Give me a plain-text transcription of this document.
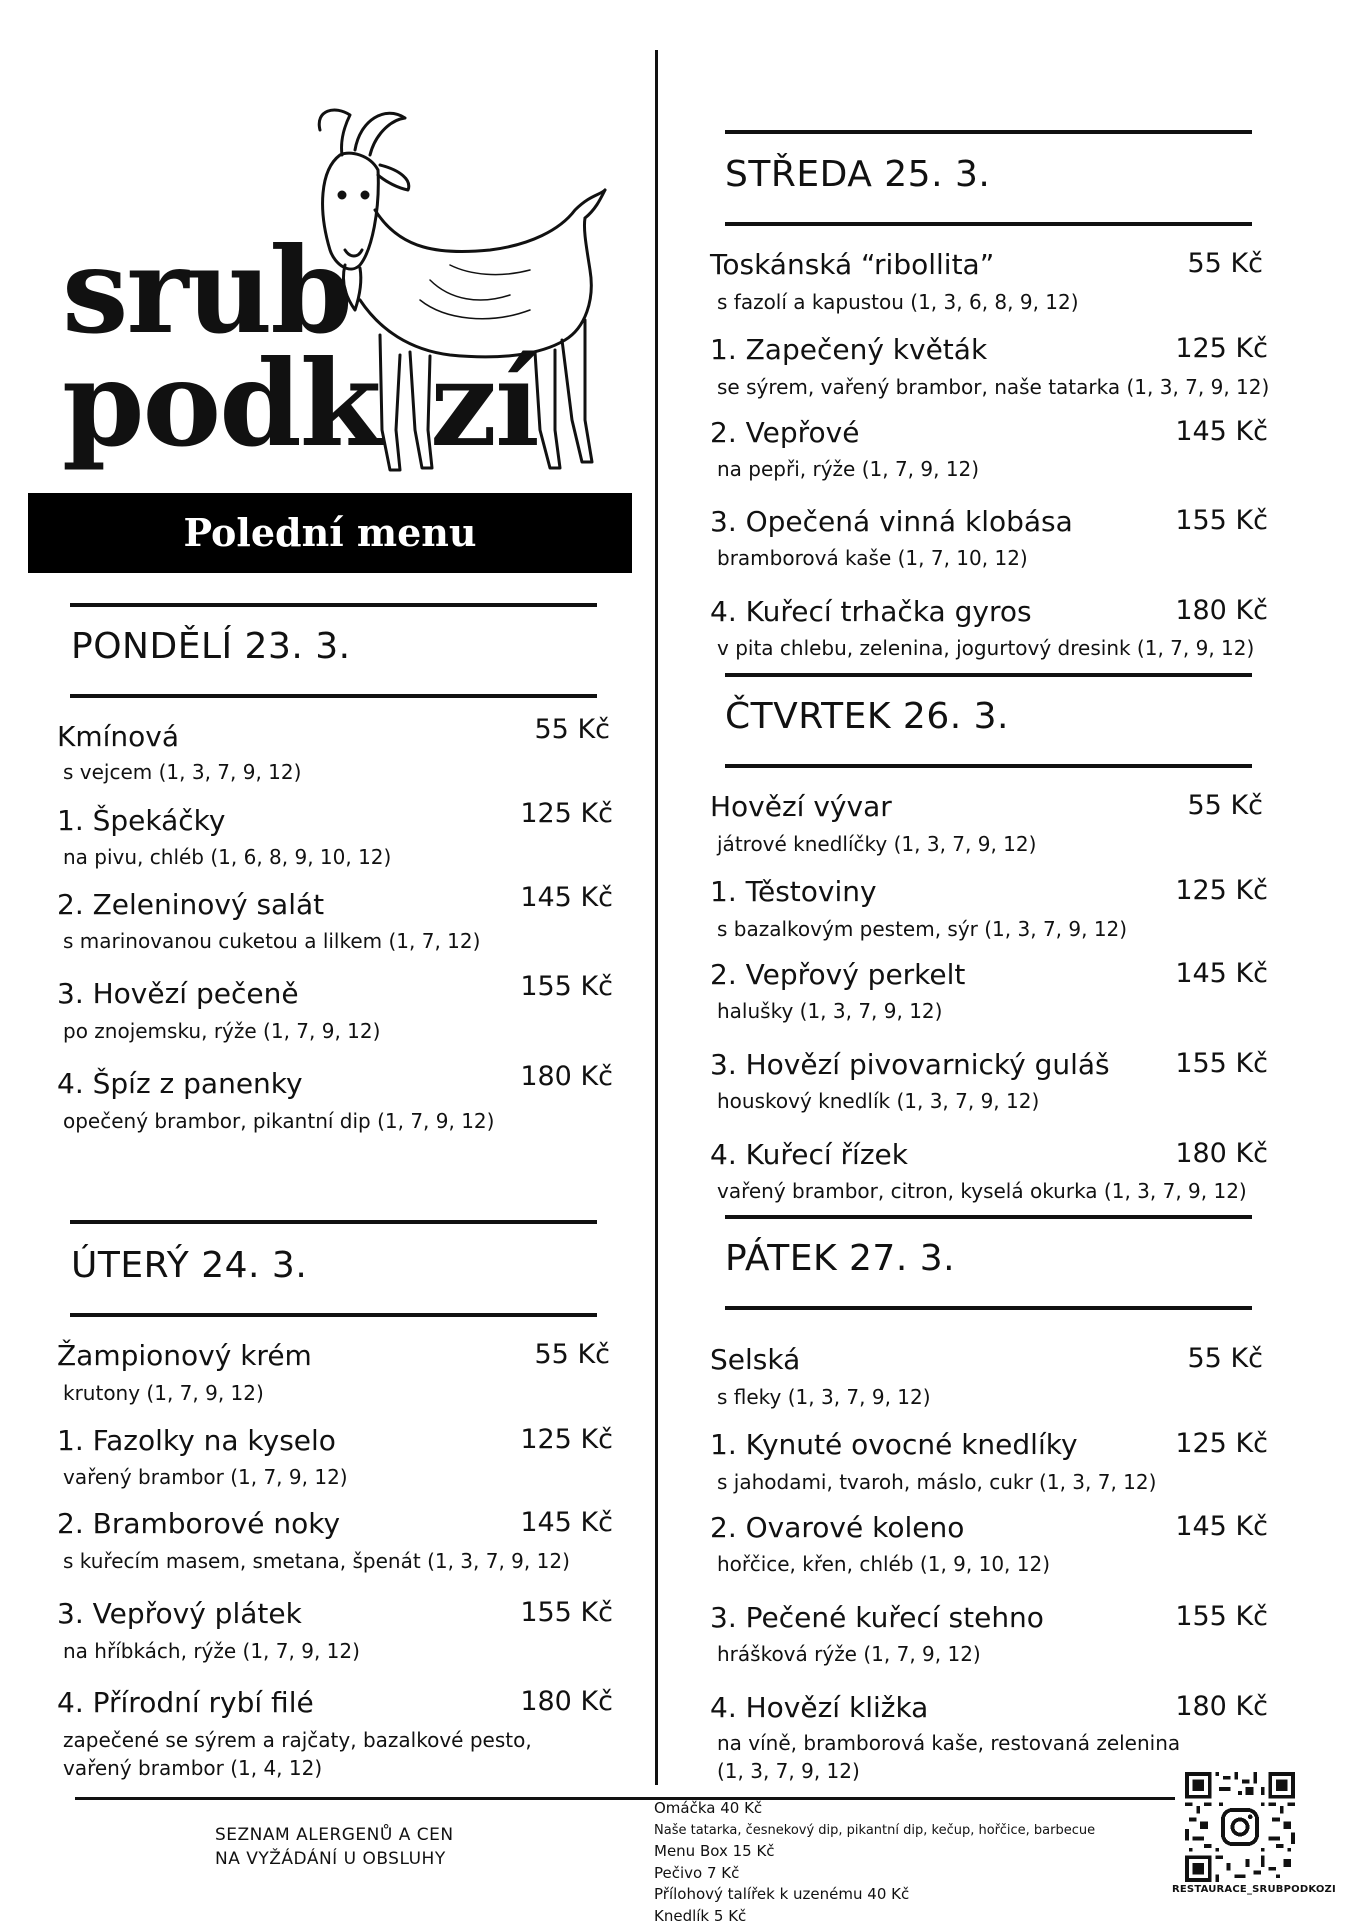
srub
podk zí
Polední menu
PONDĚLÍ 23. 3.
Kmínová	55 Kč
s vejcem (1, 3, 7, 9, 12)
1. Špekáčky	125 Kč
na pivu, chléb (1, 6, 8, 9, 10, 12)
2. Zeleninový salát	145 Kč
s marinovanou cuketou a lilkem (1, 7, 12)
3. Hovězí pečeně	155 Kč
po znojemsku, rýže (1, 7, 9, 12)
4. Špíz z panenky	180 Kč
opečený brambor, pikantní dip (1, 7, 9, 12)
ÚTERÝ 24. 3.
Žampionový krém	55 Kč
krutony (1, 7, 9, 12)
1. Fazolky na kyselo	125 Kč
vařený brambor (1, 7, 9, 12)
2. Bramborové noky	145 Kč
s kuřecím masem, smetana, špenát (1, 3, 7, 9, 12)
3. Vepřový plátek	155 Kč
na hříbkách, rýže (1, 7, 9, 12)
4. Přírodní rybí filé	180 Kč
zapečené se sýrem a rajčaty, bazalkové pesto, vařený brambor (1, 4, 12)
STŘEDA 25. 3.
Toskánská “ribollita”	55 Kč
s fazolí a kapustou (1, 3, 6, 8, 9, 12)
1. Zapečený květák	125 Kč
se sýrem, vařený brambor, naše tatarka (1, 3, 7, 9, 12)
2. Vepřové	145 Kč
na pepři, rýže (1, 7, 9, 12)
3. Opečená vinná klobása	155 Kč
bramborová kaše (1, 7, 10, 12)
4. Kuřecí trhačka gyros	180 Kč
v pita chlebu, zelenina, jogurtový dresink (1, 7, 9, 12)
ČTVRTEK 26. 3.
Hovězí vývar	55 Kč
játrové knedlíčky (1, 3, 7, 9, 12)
1. Těstoviny	125 Kč
s bazalkovým pestem, sýr (1, 3, 7, 9, 12)
2. Vepřový perkelt	145 Kč
halušky (1, 3, 7, 9, 12)
3. Hovězí pivovarnický guláš	155 Kč
houskový knedlík (1, 3, 7, 9, 12)
4. Kuřecí řízek	180 Kč
vařený brambor, citron, kyselá okurka (1, 3, 7, 9, 12)
PÁTEK 27. 3.
Selská	55 Kč
s fleky (1, 3, 7, 9, 12)
1. Kynuté ovocné knedlíky	125 Kč
s jahodami, tvaroh, máslo, cukr (1, 3, 7, 12)
2. Ovarové koleno	145 Kč
hořčice, křen, chléb (1, 9, 10, 12)
3. Pečené kuřecí stehno	155 Kč
hrášková rýže (1, 7, 9, 12)
4. Hovězí kližka	180 Kč
na víně, bramborová kaše, restovaná zelenina (1, 3, 7, 9, 12)
SEZNAM ALERGENŮ A CEN
NA VYŽÁDÁNÍ U OBSLUHY
Omáčka 40 Kč
Naše tatarka, česnekový dip, pikantní dip, kečup, hořčice, barbecue
Menu Box 15 Kč
Pečivo 7 Kč
Přílohový talířek k uzenému 40 Kč
Knedlík 5 Kč
RESTAURACE_SRUBPODKOZI
